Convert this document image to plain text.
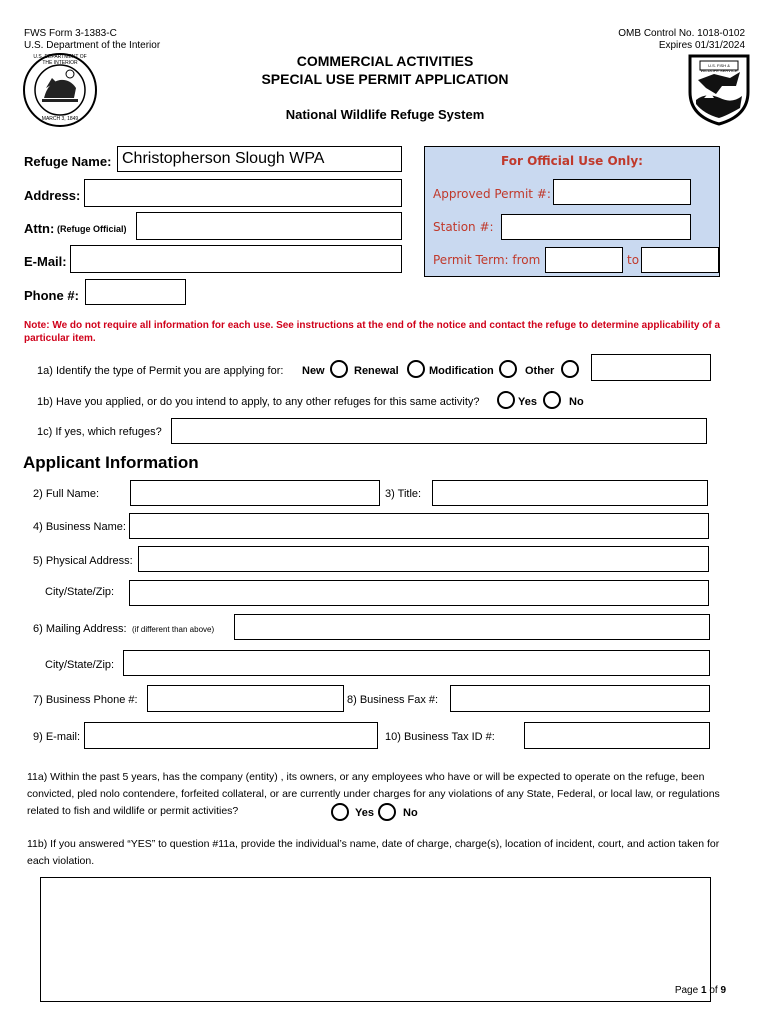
FWS Form 3-1383-C
U.S. Department of the Interior
OMB Control No. 1018-0102
Expires 01/31/2024
U.S. DEPARTMENT OF THE INTERIOR
MARCH 3, 1849
U.S. FISH & WILDLIFE SERVICE
COMMERCIAL ACTIVITIES
SPECIAL USE PERMIT APPLICATION
National Wildlife Refuge System
Refuge Name: Christopherson Slough WPA
Address:
Attn: (Refuge Official)
E-Mail:
Phone #:
For Official Use Only:
Approved Permit #:
Station #:
Permit Term: from	to
Note: We do not require all information for each use. See instructions at the end of the notice and contact the refuge to determine applicability of a particular item.
1a) Identify the type of Permit you are applying for: New	Renewal	Modification	Other
1b) Have you applied, or do you intend to apply, to any other refuges for this same activity?	Yes	No
1c) If yes, which refuges?
Applicant Information
2) Full Name:	3) Title:
4) Business Name:
5) Physical Address:
City/State/Zip:
6) Mailing Address: (if different than above)
City/State/Zip:
7) Business Phone #:	8) Business Fax #:
9) E-mail:	10) Business Tax ID #:
11a) Within the past 5 years, has the company (entity) , its owners, or any employees who have or will be expected to operate on the refuge, been convicted, pled nolo contendere, forfeited collateral, or are currently under charges for any violations of any State, Federal, or local law, or regulations related to fish and wildlife or permit activities?	Yes	No
11b) If you answered “YES” to question #11a, provide the individual’s name, date of charge, charge(s), location of incident, court, and action taken for each violation.
Page 1 of 9
